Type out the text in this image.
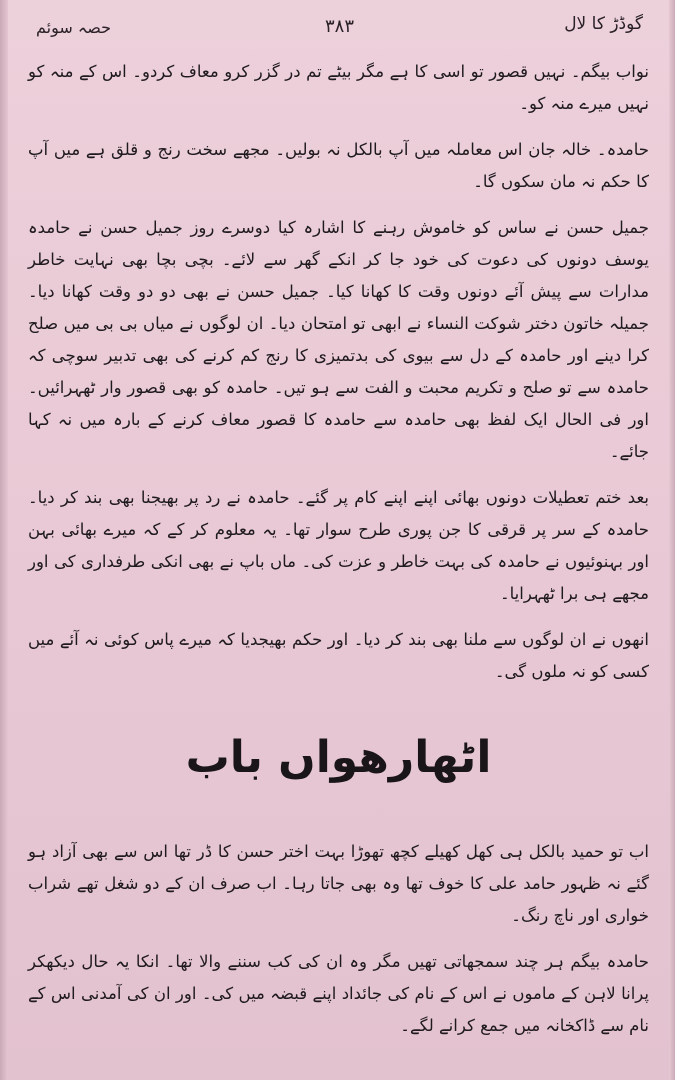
حصہ سوئم	۳۸۳	گوڈڑ کا لال

نواب بیگم۔ نہیں قصور تو اسی کا ہے مگر بیٹے تم در گزر کرو معاف کردو۔ اس کے منہ کو نہیں میرے منہ کو۔

حامدہ۔ خالہ جان اس معاملہ میں آپ بالکل نہ بولیں۔ مجھے سخت رنج و قلق ہے میں آپ کا حکم نہ مان سکوں گا۔

جمیل حسن نے ساس کو خاموش رہنے کا اشارہ کیا دوسرے روز جمیل حسن نے حامدہ یوسف دونوں کی دعوت کی خود جا کر انکے گھر سے لائے۔ بچی بچا بھی نہایت خاطر مدارات سے پیش آئے دونوں وقت کا کھانا کیا۔ جمیل حسن نے بھی دو دو وقت کھانا دیا۔ جمیلہ خاتون دختر شوکت النساء نے ابھی تو امتحان دیا۔ ان لوگوں نے میاں بی بی میں صلح کرا دینے اور حامدہ کے دل سے بیوی کی بدتمیزی کا رنج کم کرنے کی بھی تدبیر سوچی کہ حامدہ سے تو صلح و تکریم محبت و الفت سے ہو تیں۔ حامدہ کو بھی قصور وار ٹھہرائیں۔ اور فی الحال ایک لفظ بھی حامدہ سے حامدہ کا قصور معاف کرنے کے بارہ میں نہ کہا جائے۔

بعد ختم تعطیلات دونوں بھائی اپنے اپنے کام پر گئے۔ حامدہ نے رد پر بھیجنا بھی بند کر دیا۔ حامدہ کے سر پر قرقی کا جن پوری طرح سوار تھا۔ یہ معلوم کر کے کہ میرے بھائی بہن اور بہنوئیوں نے حامدہ کی بہت خاطر و عزت کی۔ ماں باپ نے بھی انکی طرفداری کی اور مجھے ہی برا ٹھہرایا۔

انھوں نے ان لوگوں سے ملنا بھی بند کر دیا۔ اور حکم بھیجدیا کہ میرے پاس کوئی نہ آئے میں کسی کو نہ ملوں گی۔

اٹھارھواں باب

اب تو حمید بالکل ہی کھل کھیلے کچھ تھوڑا بہت اختر حسن کا ڈر تھا اس سے بھی آزاد ہو گئے نہ ظہور حامد علی کا خوف تھا وہ بھی جاتا رہا۔ اب صرف ان کے دو شغل تھے شراب خواری اور ناچ رنگ۔

حامدہ بیگم ہر چند سمجھاتی تھیں مگر وہ ان کی کب سننے والا تھا۔ انکا یہ حال دیکھکر پرانا لاہن کے ماموں نے اس کے نام کی جائداد اپنے قبضہ میں کی۔ اور ان کی آمدنی اس کے نام سے ڈاکخانہ میں جمع کرانے لگے۔
